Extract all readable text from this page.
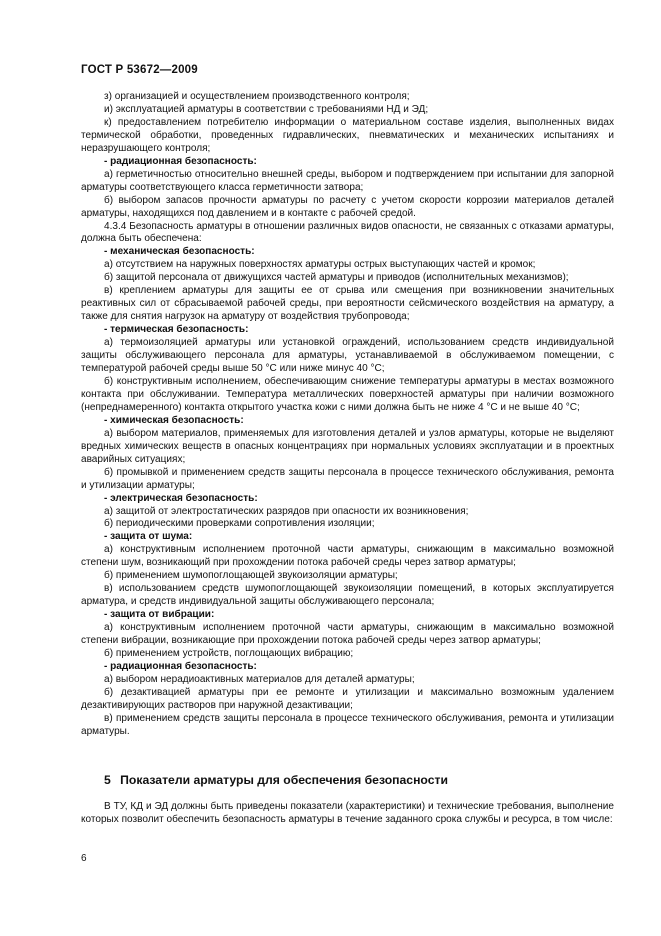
ГОСТ Р 53672—2009

з) организацией и осуществлением производственного контроля;

и) эксплуатацией арматуры в соответствии с требованиями НД и ЭД;

к) предоставлением потребителю информации о материальном составе изделия, выполненных видах термической обработки, проведенных гидравлических, пневматических и механических испытаниях и неразрушающего контроля;

- радиационная безопасность:

а) герметичностью относительно внешней среды, выбором и подтверждением при испытании для запорной арматуры соответствующего класса герметичности затвора;

б) выбором запасов прочности арматуры по расчету с учетом скорости коррозии материалов деталей арматуры, находящихся под давлением и в контакте с рабочей средой.

4.3.4 Безопасность арматуры в отношении различных видов опасности, не связанных с отказами арматуры, должна быть обеспечена:

- механическая безопасность:

а) отсутствием на наружных поверхностях арматуры острых выступающих частей и кромок;

б) защитой персонала от движущихся частей арматуры и приводов (исполнительных механизмов);

в) креплением арматуры для защиты ее от срыва или смещения при возникновении значительных реактивных сил от сбрасываемой рабочей среды, при вероятности сейсмического воздействия на арматуру, а также для снятия нагрузок на арматуру от воздействия трубопровода;

- термическая безопасность:

а) термоизоляцией арматуры или установкой ограждений, использованием средств индивидуальной защиты обслуживающего персонала для арматуры, устанавливаемой в обслуживаемом помещении, с температурой рабочей среды выше 50 °С или ниже минус 40 °С;

б) конструктивным исполнением, обеспечивающим снижение температуры арматуры в местах возможного контакта при обслуживании. Температура металлических поверхностей арматуры при наличии возможного (непреднамеренного) контакта открытого участка кожи с ними должна быть не ниже 4 °С и не выше 40 °С;

- химическая безопасность:

а) выбором материалов, применяемых для изготовления деталей и узлов арматуры, которые не выделяют вредных химических веществ в опасных концентрациях при нормальных условиях эксплуатации и в проектных аварийных ситуациях;

б) промывкой и применением средств защиты персонала в процессе технического обслуживания, ремонта и утилизации арматуры;

- электрическая безопасность:

а) защитой от электростатических разрядов при опасности их возникновения;

б) периодическими проверками сопротивления изоляции;

- защита от шума:

а) конструктивным исполнением проточной части арматуры, снижающим в максимально возможной степени шум, возникающий при прохождении потока рабочей среды через затвор арматуры;

б) применением шумопоглощающей звукоизоляции арматуры;

в) использованием средств шумопоглощающей звукоизоляции помещений, в которых эксплуатируется арматура, и средств индивидуальной защиты обслуживающего персонала;

- защита от вибрации:

а) конструктивным исполнением проточной части арматуры, снижающим в максимально возможной степени вибрации, возникающие при прохождении потока рабочей среды через затвор арматуры;

б) применением устройств, поглощающих вибрацию;

- радиационная безопасность:

а) выбором нерадиоактивных материалов для деталей арматуры;

б) дезактивацией арматуры при ее ремонте и утилизации и максимально возможным удалением дезактивирующих растворов при наружной дезактивации;

в) применением средств защиты персонала в процессе технического обслуживания, ремонта и утилизации арматуры.

5 Показатели арматуры для обеспечения безопасности

В ТУ, КД и ЭД должны быть приведены показатели (характеристики) и технические требования, выполнение которых позволит обеспечить безопасность арматуры в течение заданного срока службы и ресурса, в том числе:

6
